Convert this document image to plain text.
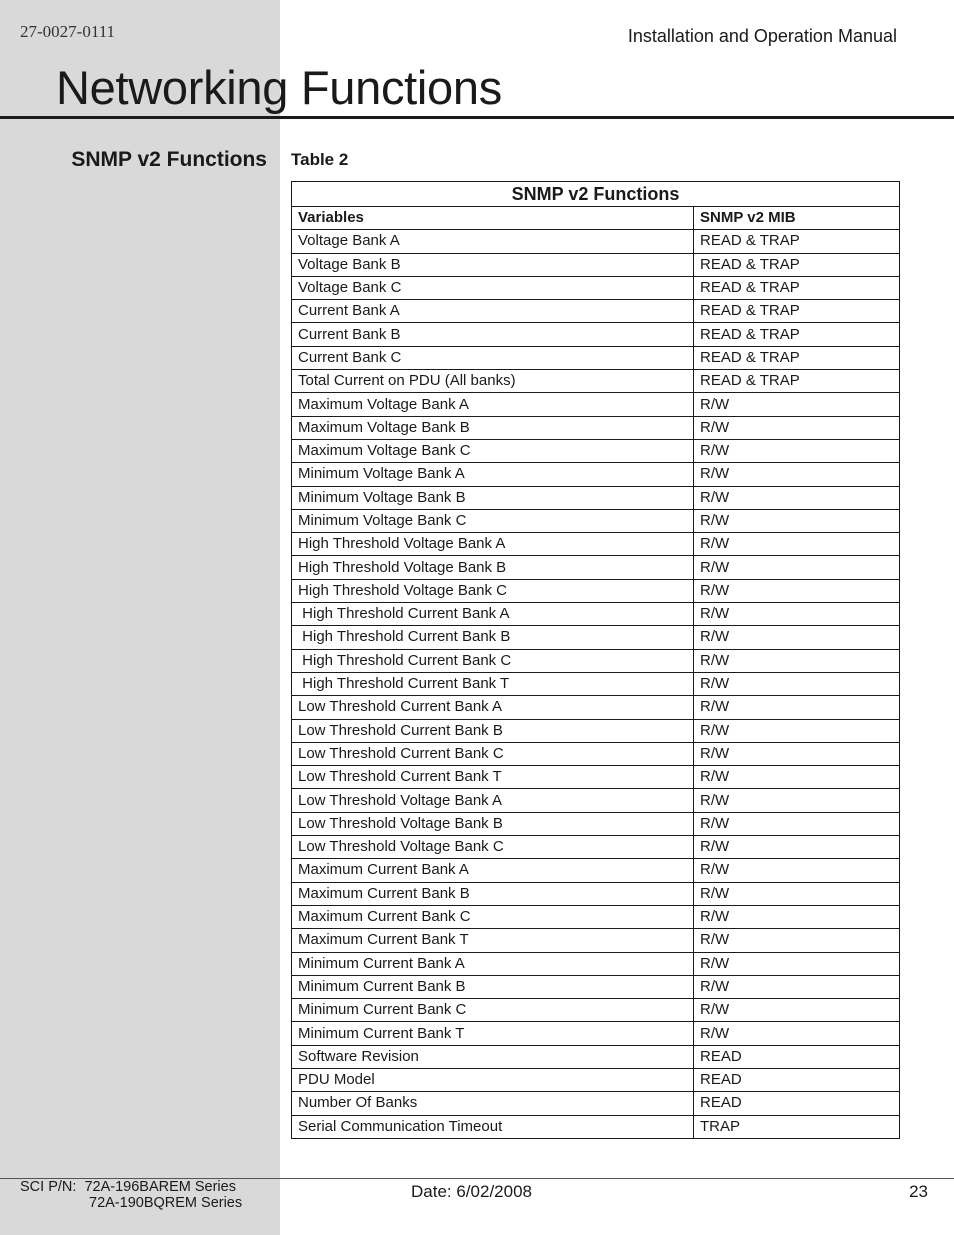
27-0027-0111	Installation and Operation Manual
Networking Functions
SNMP v2 Functions Table 2
SNMP v2 Functions	
Variables	SNMP v2 MIB
Voltage Bank A	READ & TRAP
Voltage Bank B	READ & TRAP
Voltage Bank C	READ & TRAP
Current Bank A	READ & TRAP
Current Bank B	READ & TRAP
Current Bank C	READ & TRAP
Total Current on PDU (All banks)	READ & TRAP
Maximum Voltage Bank A	R/W
Maximum Voltage Bank B	R/W
Maximum Voltage Bank C	R/W
Minimum Voltage Bank A	R/W
Minimum Voltage Bank B	R/W
Minimum Voltage Bank C	R/W
High Threshold Voltage Bank A	R/W
High Threshold Voltage Bank B	R/W
High Threshold Voltage Bank C	R/W
High Threshold Current Bank A	R/W
High Threshold Current Bank B	R/W
High Threshold Current Bank C	R/W
High Threshold Current Bank T	R/W
Low Threshold Current Bank A	R/W
Low Threshold Current Bank B	R/W
Low Threshold Current Bank C	R/W
Low Threshold Current Bank T	R/W
Low Threshold Voltage Bank A	R/W
Low Threshold Voltage Bank B	R/W
Low Threshold Voltage Bank C	R/W
Maximum Current Bank A	R/W
Maximum Current Bank B	R/W
Maximum Current Bank C	R/W
Maximum Current Bank T	R/W
Minimum Current Bank A	R/W
Minimum Current Bank B	R/W
Minimum Current Bank C	R/W
Minimum Current Bank T	R/W
Software Revision	READ
PDU Model	READ
Number Of Banks	READ
Serial Communication Timeout	TRAP
SCI P/N:  72A-196BAREM Series
72A-190BQREM Series
Date: 6/02/2008	23
